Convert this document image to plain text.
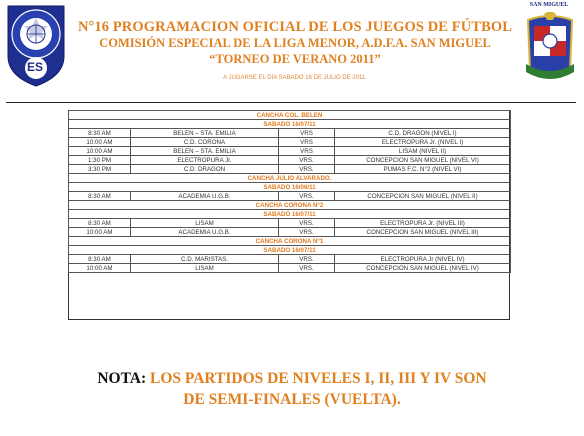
ES
SAN MIGUEL
N°16 PROGRAMACION OFICIAL DE LOS JUEGOS DE FÚTBOL
COMISIÓN ESPECIAL DE LA LIGA MENOR, A.D.F.A. SAN MIGUEL
“TORNEO DE VERANO 2011”
A JUGARSE EL DIA SABADO 16 DE JULIO DE 2011.
CANCHA COL. BELEN			
SABADO 16/07/11			
8:30 AM	BELEN – STA. EMILIA	VRS	C.D. DRAGON (NIVEL I)
10:00 AM	C.D. CORONA	VRS	ELECTROPURA Jr. (NIVEL I)
10:00 AM	BELEN – STA. EMILIA	VRS	LISAM (NIVEL II)
1:30 PM	ELECTROPURA Jr.	VRS.	CONCEPCION SAN MIGUEL (NIVEL VI)
3:30 PM	C.D. DRAGON	VRS.	PUMAS F.C. N°2 (NIVEL VI)
CANCHA JULIO ALVARADO.			
SABADO 16/06/11			
8:30 AM	ACADEMIA U.G.B.	VRS.	CONCEPCION SAN MIGUEL (NIVEL II)
CANCHA CORONA N°2			
SABADO 16/07/11			
8:30 AM	LISAM	VRS.	ELECTROPURA Jr. (NIVEL III)
10:00 AM	ACADEMIA U.G.B.	VRS.	CONCEPCION SAN MIGUEL (NIVEL III)
CANCHA CORONA N°1			
SABADO 16/07/11			
8:30 AM	C.D. MARISTAS.	VRS.	ELECTROPURA Jr (NIVEL IV)
10:00 AM	LISAM	VRS.	CONCEPCION SAN MIGUEL (NIVEL IV)
NOTA: LOS PARTIDOS DE NIVELES I, II, III Y IV SON
DE SEMI-FINALES (VUELTA).
